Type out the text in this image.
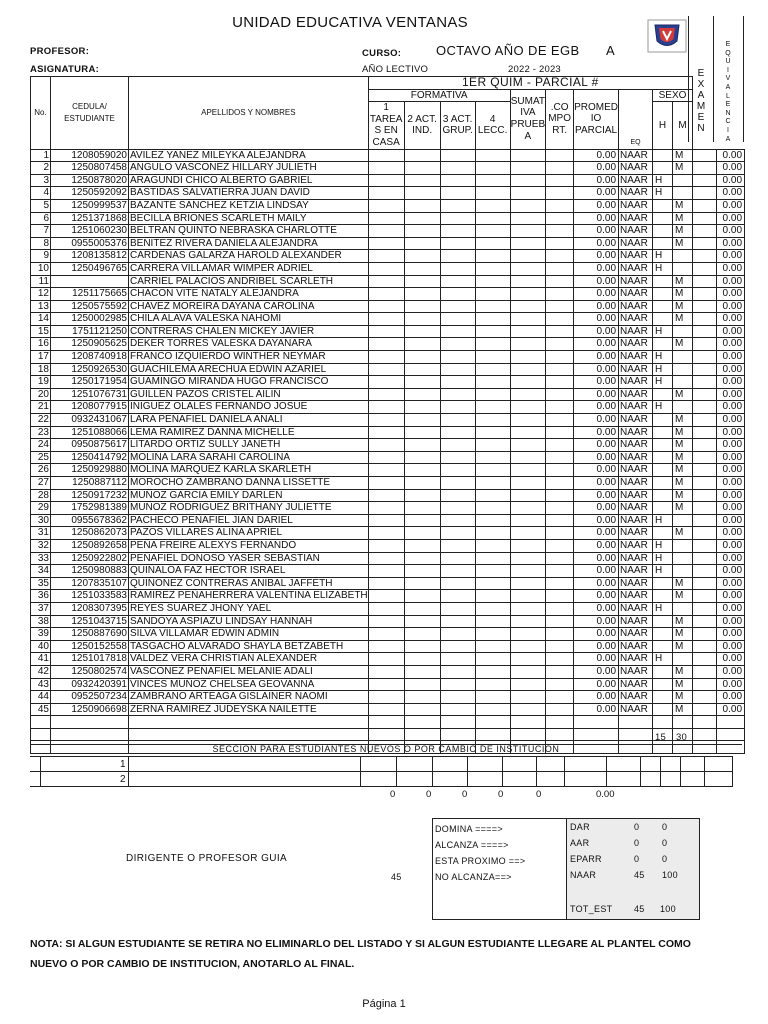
UNIDAD EDUCATIVA VENTANAS
PROFESOR:
ASIGNATURA:
CURSO:	OCTAVO AÑO DE EGB A
AÑO LECTIVO	2022 - 2023	E
X
A
M
E
N
E
Q
U
I
V
A
L
E
N
C
I
A
No.	CEDULA/ ESTUDIANTE	APELLIDOS Y NOMBRES	1ER QUIM - PARCIAL #											
			FORMATIVA				SUMAT IVA PRUEB A	.CO MPO RT.	PROMED IO PARCIAL	EQ	SEXO			

			1 TAREA S EN CASA	2 ACT. IND.	3 ACT. GRUP.	4 LECC.					H	M		

1	1208059020	AVILEZ YANEZ MILEYKA ALEJANDRA							0.00	NAAR		M		0.00
2	1250807458	ANGULO VASCONEZ HILLARY JULIETH							0.00	NAAR		M		0.00
3	1250878020	ARAGUNDI CHICO ALBERTO GABRIEL							0.00	NAAR	H			0.00
4	1250592092	BASTIDAS SALVATIERRA JUAN DAVID							0.00	NAAR	H			0.00
5	1250999537	BAZANTE SANCHEZ KETZIA LINDSAY							0.00	NAAR		M		0.00
6	1251371868	BECILLA BRIONES SCARLETH MAILY							0.00	NAAR		M		0.00
7	1251060230	BELTRAN QUINTO NEBRASKA CHARLOTTE							0.00	NAAR		M		0.00
8	0955005376	BENITEZ RIVERA DANIELA ALEJANDRA							0.00	NAAR		M		0.00
9	1208135812	CARDENAS GALARZA HAROLD ALEXANDER							0.00	NAAR	H			0.00
10	1250496765	CARRERA VILLAMAR WIMPER ADRIEL							0.00	NAAR	H			0.00
11		CARRIEL PALACIOS ANDRIBEL SCARLETH							0.00	NAAR		M		0.00
12	1251175665	CHACON VITE NATALY ALEJANDRA							0.00	NAAR		M		0.00
13	1250575592	CHAVEZ MOREIRA DAYANA CAROLINA							0.00	NAAR		M		0.00
14	1250002985	CHILA ALAVA VALESKA NAHOMI							0.00	NAAR		M		0.00
15	1751121250	CONTRERAS CHALEN MICKEY JAVIER							0.00	NAAR	H			0.00
16	1250905625	DEKER TORRES VALESKA DAYANARA							0.00	NAAR		M		0.00
17	1208740918	FRANCO IZQUIERDO WINTHER NEYMAR							0.00	NAAR	H			0.00
18	1250926530	GUACHILEMA ARECHUA EDWIN AZARIEL							0.00	NAAR	H			0.00
19	1250171954	GUAMINGO MIRANDA HUGO FRANCISCO							0.00	NAAR	H			0.00
20	1251076731	GUILLEN PAZOS CRISTEL AILIN							0.00	NAAR		M		0.00
21	1208077915	IÑIGUEZ OLALES FERNANDO JOSUE							0.00	NAAR	H			0.00
22	0932431067	LARA PEÑAFIEL DANIELA ANALI							0.00	NAAR		M		0.00
23	1251088066	LEMA RAMIREZ DANNA MICHELLE							0.00	NAAR		M		0.00
24	0950875617	LITARDO ORTIZ SULLY JANETH							0.00	NAAR		M		0.00
25	1250414792	MOLINA LARA SARAHI CAROLINA							0.00	NAAR		M		0.00
26	1250929880	MOLINA MARQUEZ KARLA SKARLETH							0.00	NAAR		M		0.00
27	1250887112	MOROCHO ZAMBRANO DANNA LISSETTE							0.00	NAAR		M		0.00
28	1250917232	MUÑOZ GARCIA EMILY DARLEN							0.00	NAAR		M		0.00
29	1752981389	MUÑOZ RODRIGUEZ BRITHANY JULIETTE							0.00	NAAR		M		0.00
30	0955678362	PACHECO PEÑAFIEL JIAN DARIEL							0.00	NAAR	H			0.00
31	1250862073	PAZOS VILLARES ALINA APRIEL							0.00	NAAR		M		0.00
32	1250892658	PEÑA FREIRE ALEXYS FERNANDO							0.00	NAAR	H			0.00
33	1250922802	PEÑAFIEL DONOSO YASER SEBASTIAN							0.00	NAAR	H			0.00
34	1250980883	QUIÑALOA FAZ HECTOR ISRAEL							0.00	NAAR	H			0.00
35	1207835107	QUIÑONEZ CONTRERAS ANIBAL JAFFETH							0.00	NAAR		M		0.00
36	1251033583	RAMIREZ PEÑAHERRERA VALENTINA ELIZABETH							0.00	NAAR		M		0.00
37	1208307395	REYES SUAREZ JHONY YAEL							0.00	NAAR	H			0.00
38	1251043715	SANDOYA ASPIAZU LINDSAY HANNAH							0.00	NAAR		M		0.00
39	1250887690	SILVA VILLAMAR EDWIN ADMIN							0.00	NAAR		M		0.00
40	1250152558	TASGACHO ALVARADO SHAYLA BETZABETH							0.00	NAAR		M		0.00
41	1251017818	VALDEZ VERA CHRISTIAN ALEXANDER							0.00	NAAR	H			0.00
42	1250802574	VASCONEZ PEÑAFIEL MELANIE ADALI							0.00	NAAR		M		0.00
43	0932420391	VINCES MUÑOZ CHELSEA GEOVANNA							0.00	NAAR		M		0.00
44	0952507234	ZAMBRANO ARTEAGA GISLAINER NAOMI							0.00	NAAR		M		0.00
45	1250906698	ZERNA RAMIREZ JUDEYSKA NAILETTE							0.00	NAAR		M		0.00

15 30
SECCION PARA ESTUDIANTES NUEVOS O POR CAMBIO DE INSTITUCION
	1													
	2													
0	0	0	0	0	0.00
DOMINA ====>	DAR	0	0
ALCANZA ====>	AAR	0	0
ESTA PROXIMO ==>	EPARR	0	0
NO ALCANZA==>	NAAR	45 100
TOT_EST 45 100
DIRIGENTE O PROFESOR GUIA
45
NOTA: SI ALGUN ESTUDIANTE SE RETIRA NO ELIMINARLO DEL LISTADO Y SI ALGUN ESTUDIANTE LLEGARE AL PLANTEL COMO NUEVO O POR CAMBIO DE INSTITUCION, ANOTARLO AL FINAL.
Página 1
